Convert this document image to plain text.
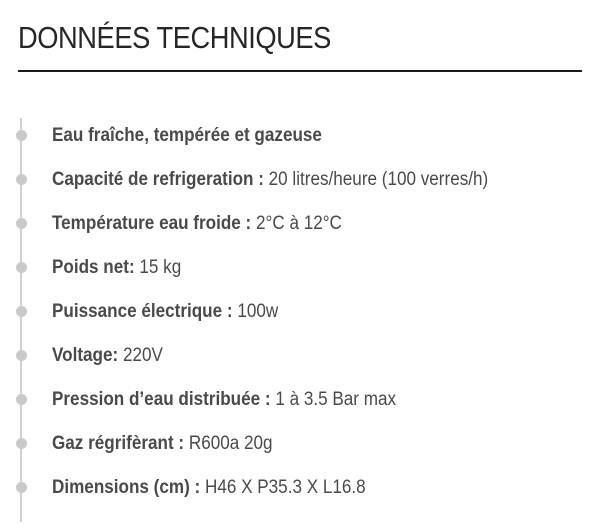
DONNÉES TECHNIQUES
Eau fraîche, tempérée et gazeuse
Capacité de refrigeration : 20 litres/heure (100 verres/h)
Température eau froide : 2°C à 12°C
Poids net: 15 kg
Puissance électrique : 100w
Voltage: 220V
Pression d’eau distribuée : 1 à 3.5 Bar max
Gaz régrifèrant : R600a 20g
Dimensions (cm) : H46 X P35.3 X L16.8
